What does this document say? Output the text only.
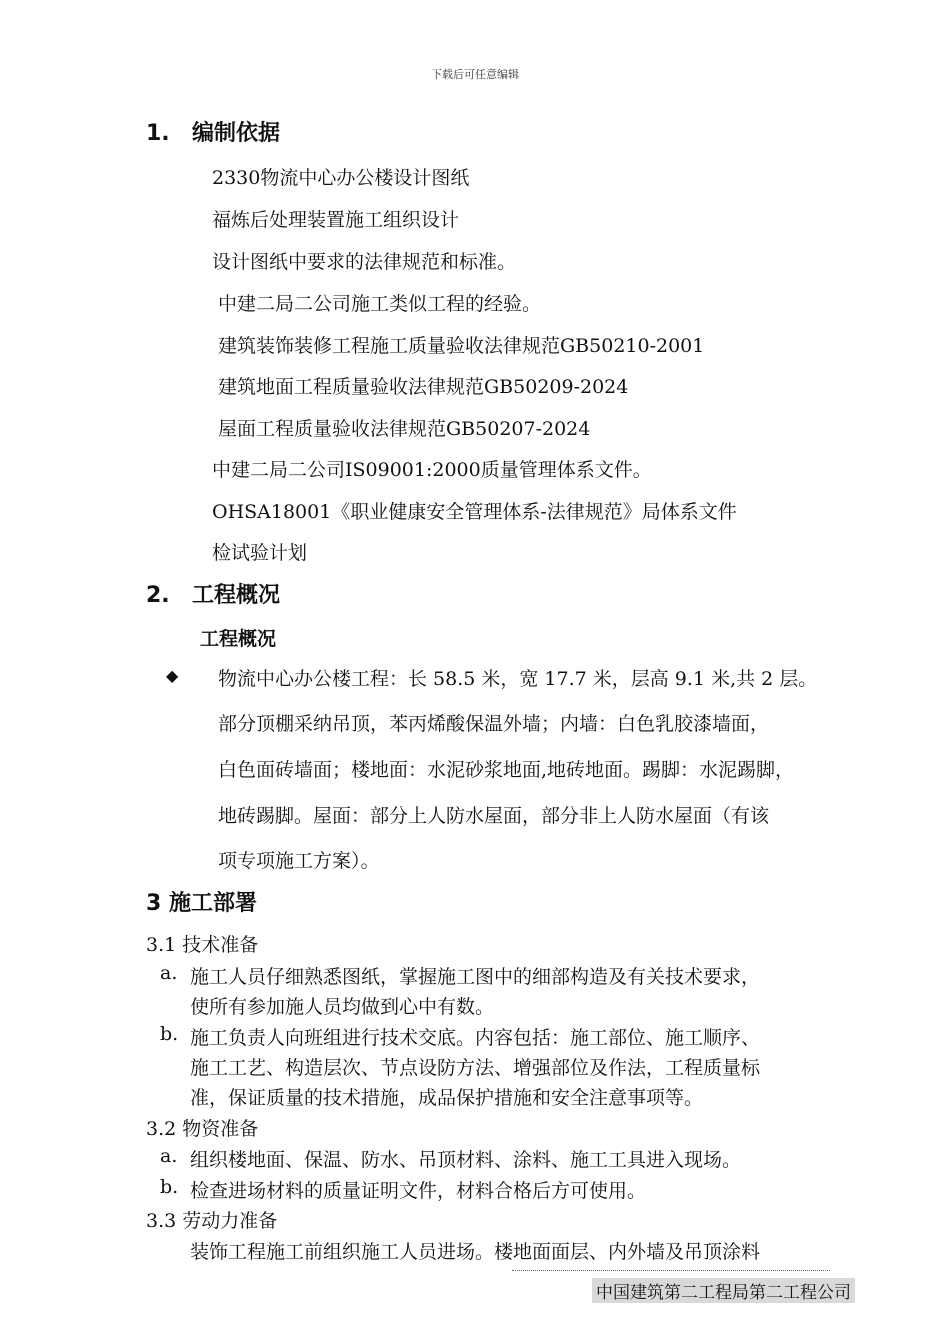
下载后可任意编辑
1. 编制依据
2330物流中心办公楼设计图纸
福炼后处理装置施工组织设计
设计图纸中要求的法律规范和标准。
中建二局二公司施工类似工程的经验。
建筑装饰装修工程施工质量验收法律规范GB50210-2001
建筑地面工程质量验收法律规范GB50209-2024
屋面工程质量验收法律规范GB50207-2024
中建二局二公司IS09001:2000质量管理体系文件。
OHSA18001《职业健康安全管理体系-法律规范》局体系文件
检试验计划
2. 工程概况
工程概况
◆ 物流中心办公楼工程：长 58.5 米，宽 17.7 米，层高 9.1 米,共 2 层。
部分顶棚采纳吊顶，苯丙烯酸保温外墙；内墙：白色乳胶漆墙面，
白色面砖墙面；楼地面：水泥砂浆地面,地砖地面。踢脚：水泥踢脚，
地砖踢脚。屋面：部分上人防水屋面，部分非上人防水屋面（有该
项专项施工方案）。
3 施工部署
3.1 技术准备
a. 施工人员仔细熟悉图纸，掌握施工图中的细部构造及有关技术要求，
使所有参加施人员均做到心中有数。
b. 施工负责人向班组进行技术交底。内容包括：施工部位、施工顺序、
施工工艺、构造层次、节点设防方法、增强部位及作法，工程质量标
准，保证质量的技术措施，成品保护措施和安全注意事项等。
3.2 物资准备
a. 组织楼地面、保温、防水、吊顶材料、涂料、施工工具进入现场。
b. 检查进场材料的质量证明文件，材料合格后方可使用。
3.3 劳动力准备
装饰工程施工前组织施工人员进场。楼地面面层、内外墙及吊顶涂料
中国建筑第二工程局第二工程公司
